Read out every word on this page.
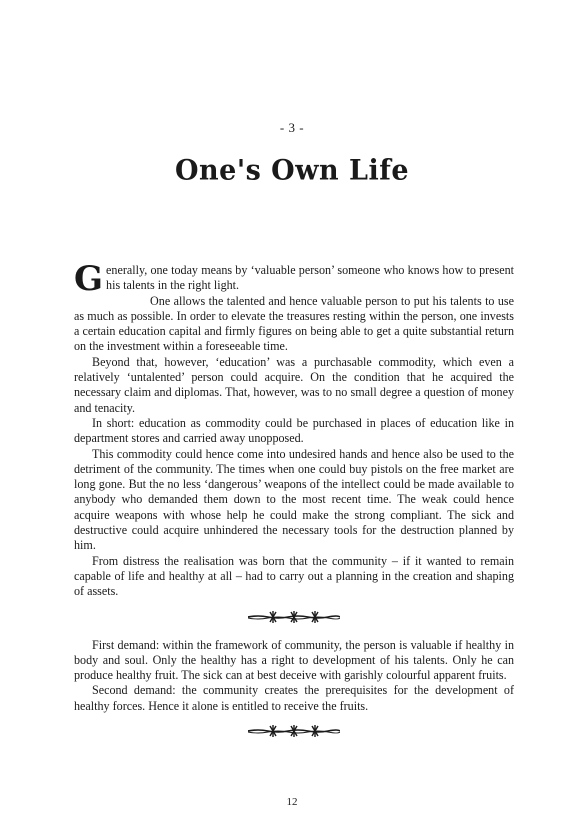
- 3 -
One's Own Life

Generally, one today means by ‘valuable person’ someone who knows how to present his talents in the right light.

One allows the talented and hence valuable person to put his talents to use as much as possible. In order to elevate the treasures resting within the person, one invests a certain education capital and firmly figures on being able to get a quite substantial return on the investment within a foreseeable time.

Beyond that, however, ‘education’ was a purchasable commodity, which even a relatively ‘untalented’ person could acquire. On the condition that he acquired the necessary claim and diplomas. That, however, was to no small degree a question of money and tenacity.

In short: education as commodity could be purchased in places of education like in department stores and carried away unopposed.

This commodity could hence come into undesired hands and hence also be used to the detriment of the community. The times when one could buy pistols on the free market are long gone. But the no less ‘dangerous’ weapons of the intellect could be made available to anybody who demanded them down to the most recent time. The weak could hence acquire weapons with whose help he could make the strong compliant. The sick and destructive could acquire unhindered the necessary tools for the destruction planned by him.

From distress the realisation was born that the community – if it wanted to remain capable of life and healthy at all – had to carry out a planning in the creation and shaping of assets.

First demand: within the framework of community, the person is valuable if healthy in body and soul. Only the healthy has a right to development of his talents. Only he can produce healthy fruit. The sick can at best deceive with garishly colourful apparent fruits.

Second demand: the community creates the prerequisites for the development of healthy forces. Hence it alone is entitled to receive the fruits.

12
